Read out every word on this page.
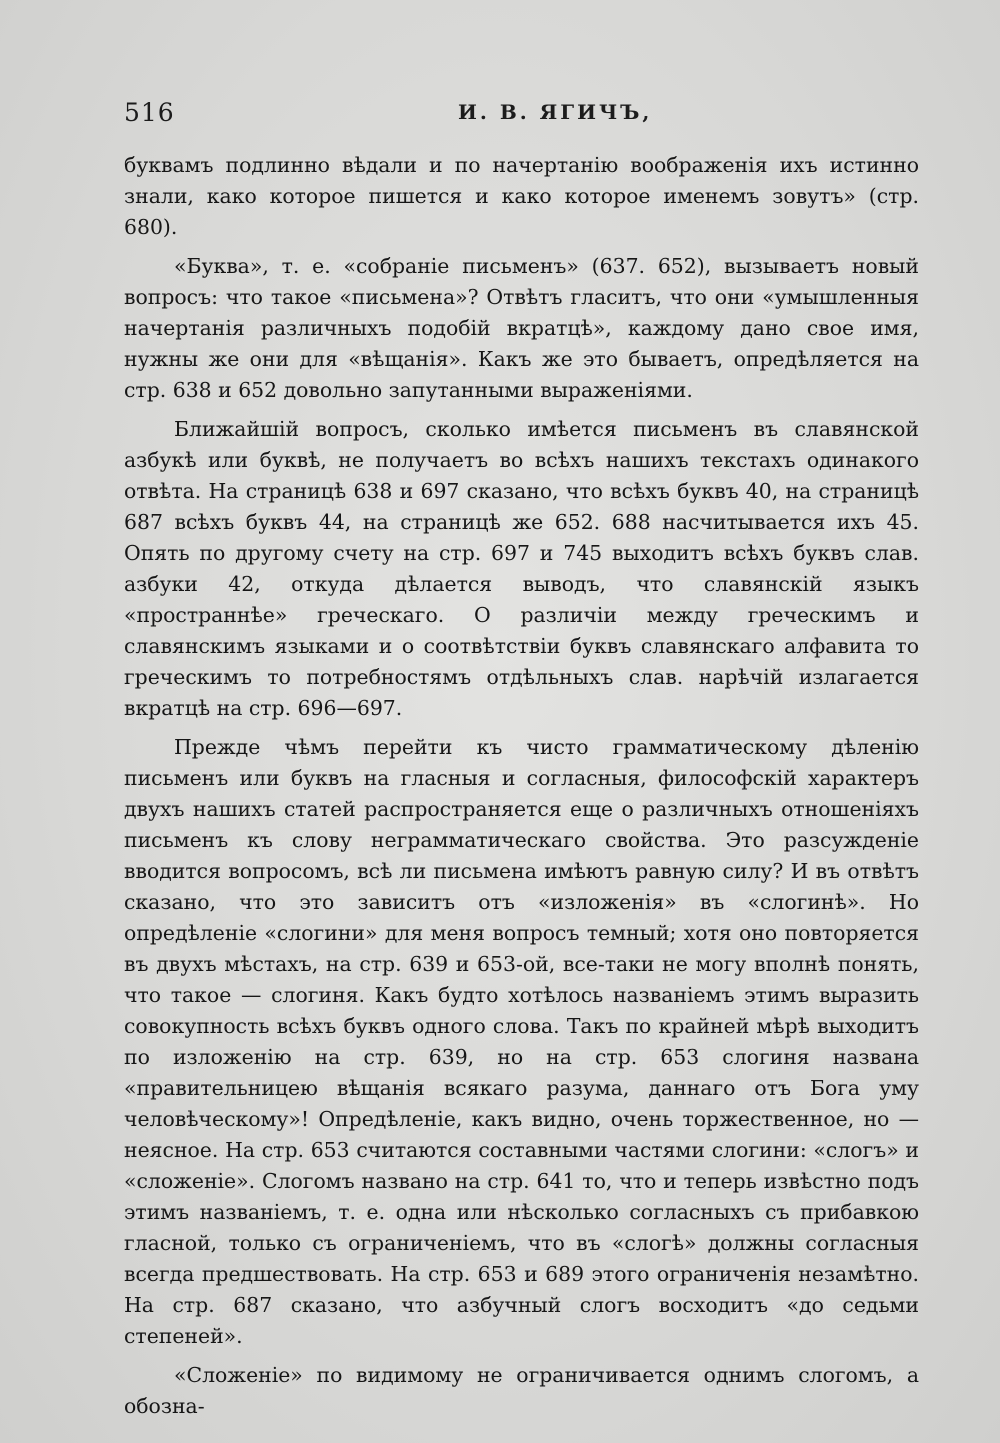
516	И. В. ЯГИЧЪ,

буквамъ подлинно вѣдали и по начертанію воображенія ихъ истинно знали, како которое пишется и како которое именемъ зовутъ» (стр. 680).

«Буква», т. е. «собраніе письменъ» (637. 652), вызываетъ новый вопросъ: что такое «письмена»? Отвѣтъ гласитъ, что они «умышленныя начертанія различныхъ подобій вкратцѣ», каждому дано свое имя, нужны же они для «вѣщанія». Какъ же это бываетъ, опредѣляется на стр. 638 и 652 довольно запутанными выраженіями.

Ближайшій вопросъ, сколько имѣется письменъ въ славянской азбукѣ или буквѣ, не получаетъ во всѣхъ нашихъ текстахъ одинакого отвѣта. На страницѣ 638 и 697 сказано, что всѣхъ буквъ 40, на страницѣ 687 всѣхъ буквъ 44, на страницѣ же 652. 688 насчитывается ихъ 45. Опять по другому счету на стр. 697 и 745 выходитъ всѣхъ буквъ слав. азбуки 42, откуда дѣлается выводъ, что славянскій языкъ «пространнѣе» греческаго. О различіи между греческимъ и славянскимъ языками и о соотвѣтствіи буквъ славянскаго алфавита то греческимъ то потребностямъ отдѣльныхъ слав. нарѣчій излагается вкратцѣ на стр. 696—697.

Прежде чѣмъ перейти къ чисто грамматическому дѣленію письменъ или буквъ на гласныя и согласныя, философскій характеръ двухъ нашихъ статей распространяется еще о различныхъ отношеніяхъ письменъ къ слову неграмматическаго свойства. Это разсужденіе вводится вопросомъ, всѣ ли письмена имѣютъ равную силу? И въ отвѣтъ сказано, что это зависитъ отъ «изложенія» въ «слогинѣ». Но опредѣленіе «слогини» для меня вопросъ темный; хотя оно повторяется въ двухъ мѣстахъ, на стр. 639 и 653-ой, все-таки не могу вполнѣ понять, что такое — слогиня. Какъ будто хотѣлось названіемъ этимъ выразить совокупность всѣхъ буквъ одного слова. Такъ по крайней мѣрѣ выходитъ по изложенію на стр. 639, но на стр. 653 слогиня названа «правительницею вѣщанія всякаго разума, даннаго отъ Бога уму человѣческому»! Опредѣленіе, какъ видно, очень торжественное, но — неясное. На стр. 653 считаются составными частями слогини: «слогъ» и «сложеніе». Слогомъ названо на стр. 641 то, что и теперь извѣстно подъ этимъ названіемъ, т. е. одна или нѣсколько согласныхъ съ прибавкою гласной, только съ ограниченіемъ, что въ «слогѣ» должны согласныя всегда предшествовать. На стр. 653 и 689 этого ограниченія незамѣтно. На стр. 687 сказано, что азбучный слогъ восходитъ «до седьми степеней».

«Сложеніе» по видимому не ограничивается однимъ слогомъ, а обозна-
